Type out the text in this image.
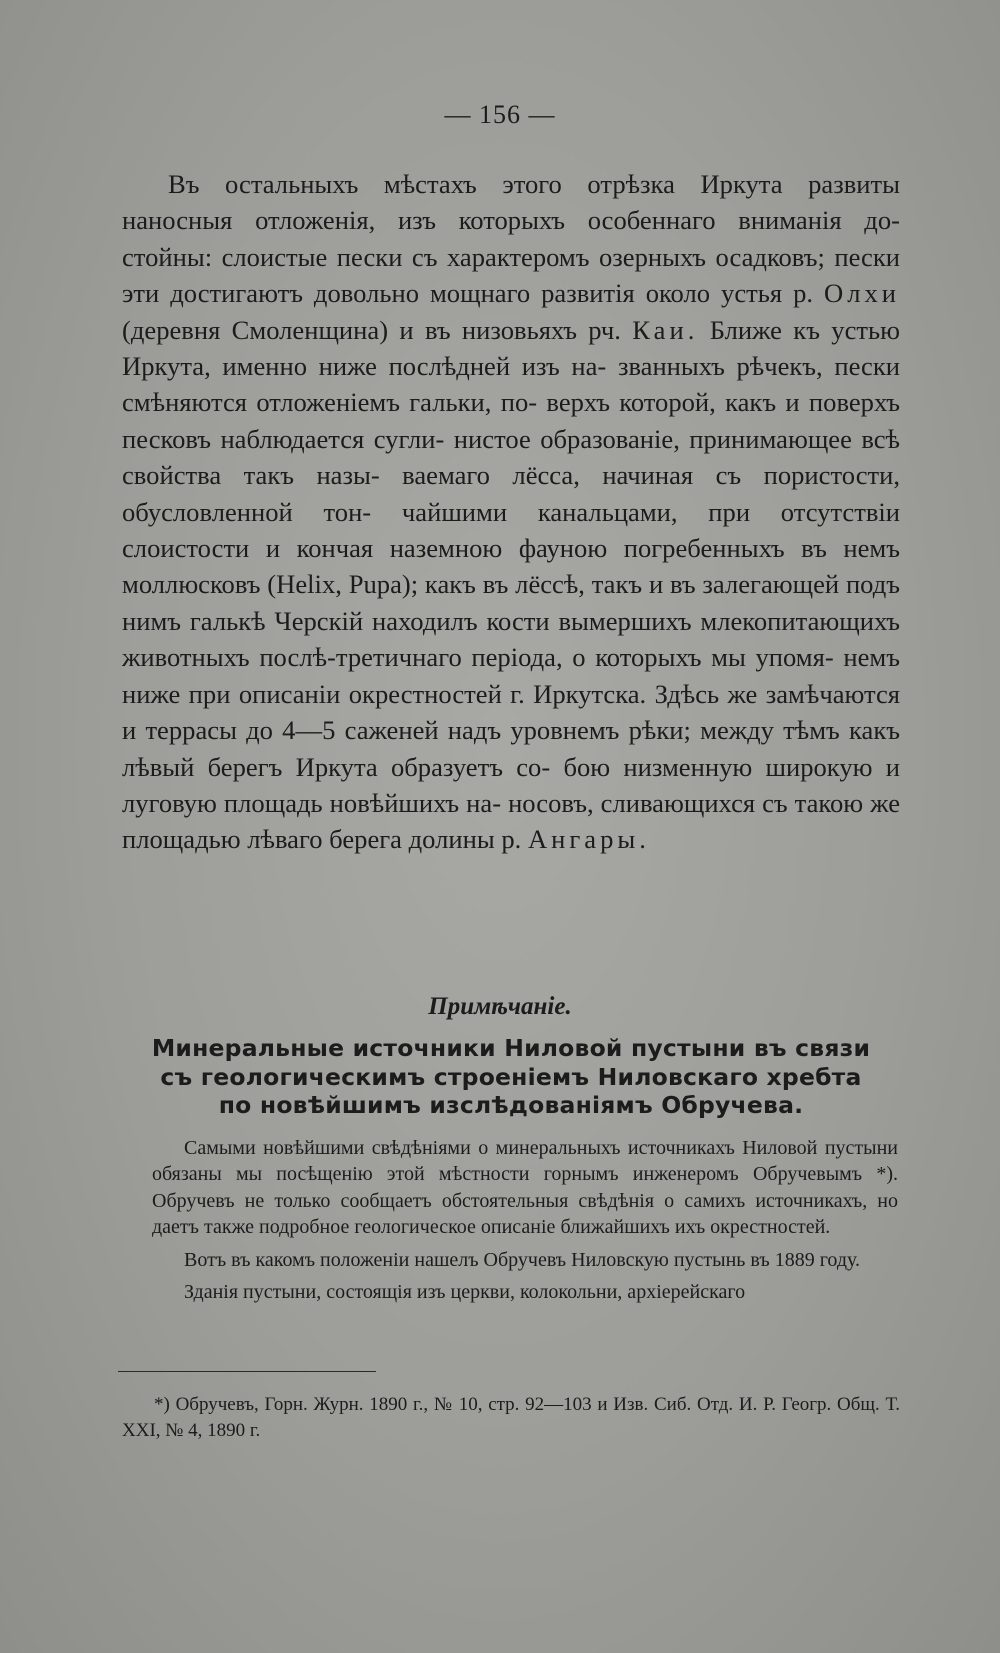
— 156 —

Въ остальныхъ мѣстахъ этого отрѣзка Иркута развиты наносныя отложенія, изъ которыхъ особеннаго вниманія до- стойны: слоистые пески съ характеромъ озерныхъ осадковъ; пески эти достигаютъ довольно мощнаго развитія около устья р. Олхи (деревня Смоленщина) и въ низовьяхъ рч. Каи. Ближе къ устью Иркута, именно ниже послѣдней изъ на- званныхъ рѣчекъ, пески смѣняются отложеніемъ гальки, по- верхъ которой, какъ и поверхъ песковъ наблюдается сугли- нистое образованіе, принимающее всѣ свойства такъ назы- ваемаго лёсса, начиная съ пористости, обусловленной тон- чайшими канальцами, при отсутствіи слоистости и кончая наземною фауною погребенныхъ въ немъ моллюсковъ (Helix, Pupa); какъ въ лёссѣ, такъ и въ залегающей подъ нимъ галькѣ Черскій находилъ кости вымершихъ млекопитающихъ животныхъ послѣ-третичнаго періода, о которыхъ мы упомя- немъ ниже при описаніи окрестностей г. Иркутска. Здѣсь же замѣчаются и террасы до 4—5 саженей надъ уровнемъ рѣки; между тѣмъ какъ лѣвый берегъ Иркута образуетъ со- бою низменную широкую и луговую площадь новѣйшихъ на- носовъ, сливающихся съ такою же площадью лѣваго берега долины р. Ангары.

Примѣчаніе.
Минеральные источники Ниловой пустыни въ связи
съ геологическимъ строеніемъ Ниловскаго хребта
по новѣйшимъ изслѣдованіямъ Обручева.

Самыми новѣйшими свѣдѣніями о минеральныхъ источникахъ Ниловой пустыни обязаны мы посѣщенію этой мѣстности горнымъ инженеромъ Обручевымъ *). Обручевъ не только сообщаетъ обстоятельныя свѣдѣнія о самихъ источникахъ, но даетъ также подробное геологическое описаніе ближайшихъ ихъ окрестностей.

Вотъ въ какомъ положеніи нашелъ Обручевъ Ниловскую пустынь въ 1889 году.

Зданія пустыни, состоящія изъ церкви, колокольни, архіерейскаго

*) Обручевъ, Горн. Журн. 1890 г., № 10, стр. 92—103 и Изв. Сиб. Отд. И. Р. Геогр. Общ. Т. XXI, № 4, 1890 г.
